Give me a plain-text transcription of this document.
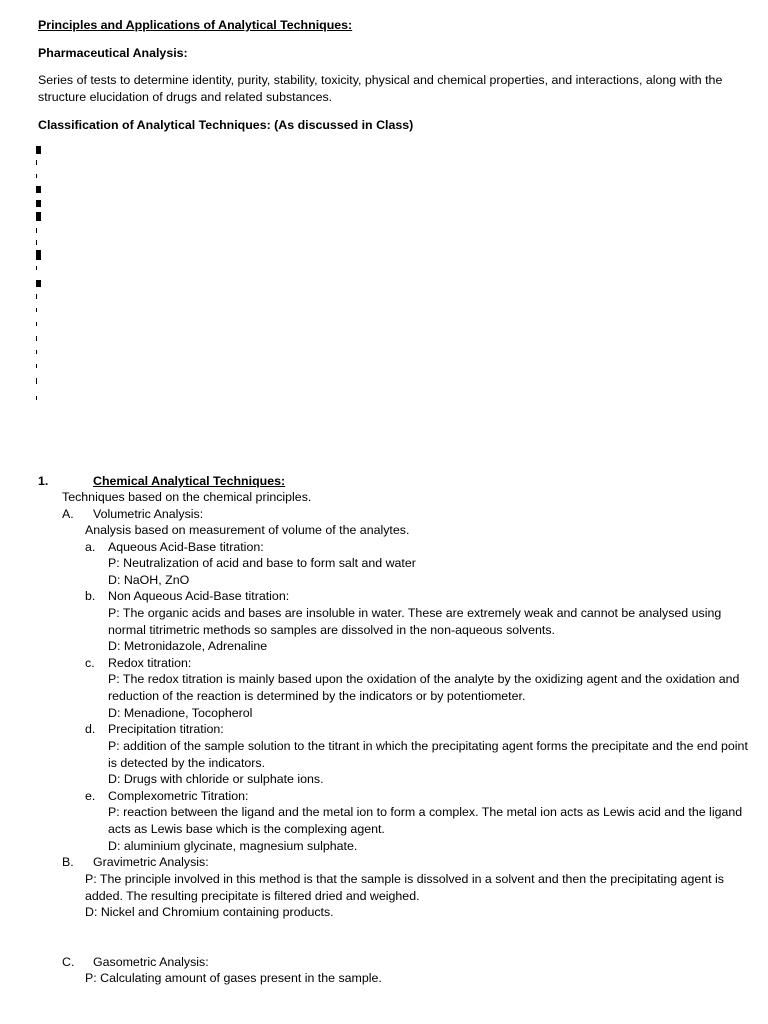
Principles and Applications of Analytical Techniques:
Pharmaceutical Analysis:
Series of tests to determine identity, purity, stability, toxicity, physical and chemical properties, and interactions, along with the structure elucidation of drugs and related substances.
Classification of Analytical Techniques: (As discussed in Class)
1.	Chemical Analytical Techniques:
Techniques based on the chemical principles.
A. Volumetric Analysis:
Analysis based on measurement of volume of the analytes.
a. Aqueous Acid-Base titration:
P: Neutralization of acid and base to form salt and water
D: NaOH, ZnO
b. Non Aqueous Acid-Base titration:
P: The organic acids and bases are insoluble in water. These are extremely weak and cannot be analysed using normal titrimetric methods so samples are dissolved in the non-aqueous solvents.
D: Metronidazole, Adrenaline
c. Redox titration:
P: The redox titration is mainly based upon the oxidation of the analyte by the oxidizing agent and the oxidation and reduction of the reaction is determined by the indicators or by potentiometer.
D: Menadione, Tocopherol
d. Precipitation titration:
P: addition of the sample solution to the titrant in which the precipitating agent forms the precipitate and the end point is detected by the indicators.
D: Drugs with chloride or sulphate ions.
e. Complexometric Titration:
P: reaction between the ligand and the metal ion to form a complex. The metal ion acts as Lewis acid and the ligand acts as Lewis base which is the complexing agent.
D: aluminium glycinate, magnesium sulphate.
B. Gravimetric Analysis:
P: The principle involved in this method is that the sample is dissolved in a solvent and then the precipitating agent is added. The resulting precipitate is filtered dried and weighed.
D: Nickel and Chromium containing products.
C. Gasometric Analysis:
P: Calculating amount of gases present in the sample.
